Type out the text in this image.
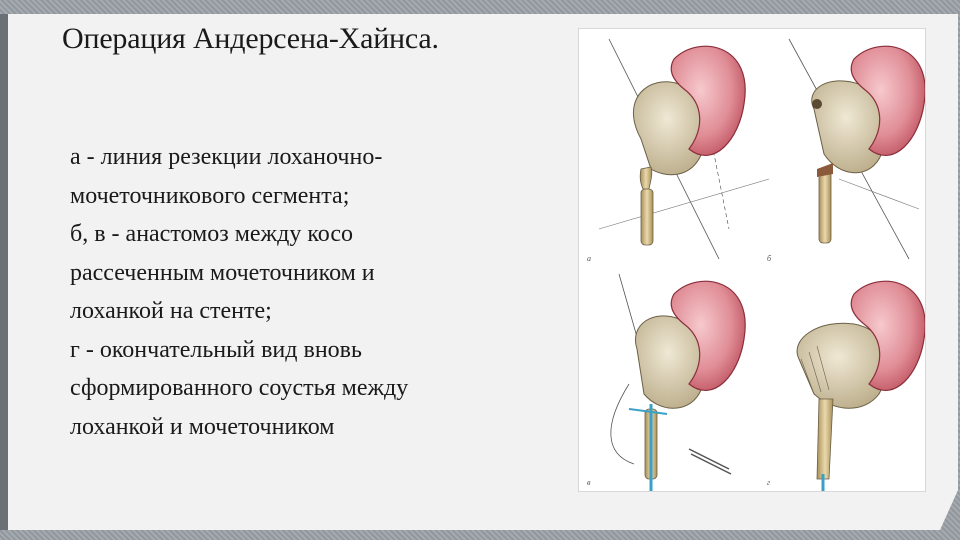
Операция Андерсена-Хайнса.

а - линия резекции лоханочно-
мочеточникового сегмента;
б, в - анастомоз между косо
рассеченным мочеточником и
лоханкой на стенте;
г - окончательный вид вновь
сформированного соустья между
лоханкой и мочеточником

а	б
в	г
